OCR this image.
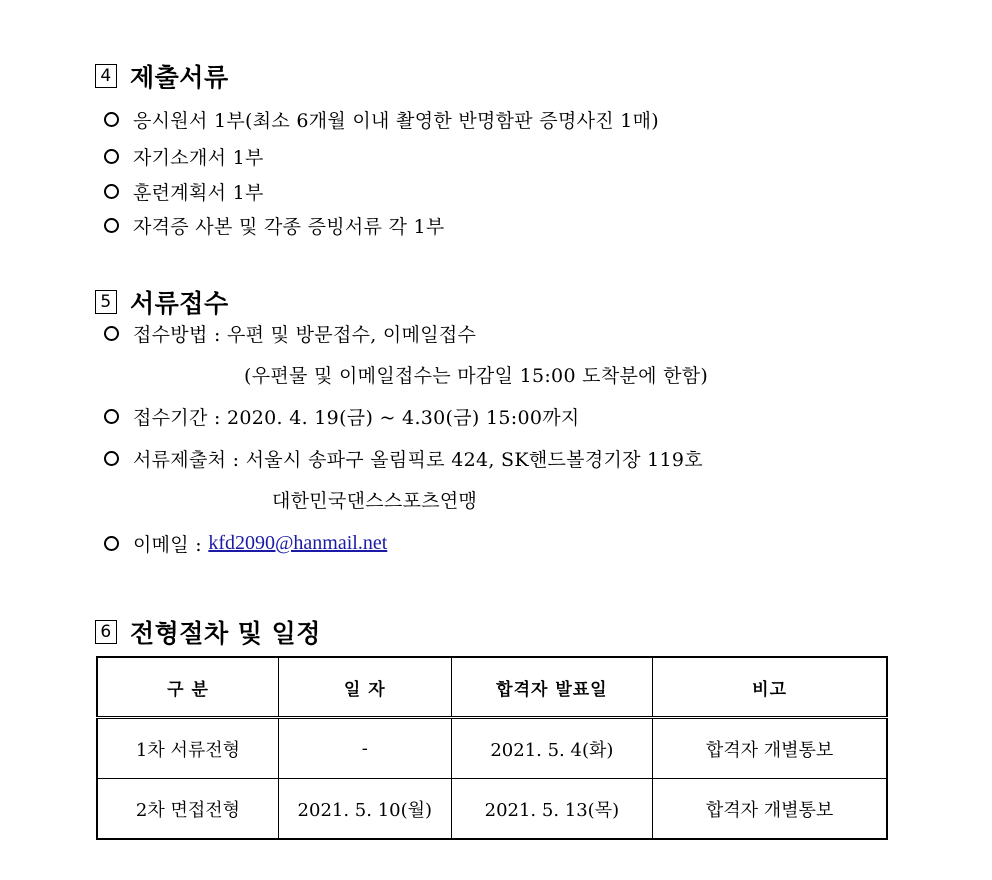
4 제출서류
응시원서 1부(최소 6개월 이내 촬영한 반명함판 증명사진 1매)
자기소개서 1부
훈련계획서 1부
자격증 사본 및 각종 증빙서류 각 1부
5 서류접수
접수방법 : 우편 및 방문접수, 이메일접수
(우편물 및 이메일접수는 마감일 15:00 도착분에 한함)
접수기간 : 2020. 4. 19(금) ~ 4.30(금) 15:00까지
서류제출처 : 서울시 송파구 올림픽로 424, SK핸드볼경기장 119호
대한민국댄스스포츠연맹
이메일 : kfd2090@hanmail.net
6 전형절차 및 일정
구 분	일 자	합격자 발표일	비고
1차 서류전형	-	2021. 5. 4(화)	합격자 개별통보
2차 면접전형	2021. 5. 10(월)	2021. 5. 13(목)	합격자 개별통보
